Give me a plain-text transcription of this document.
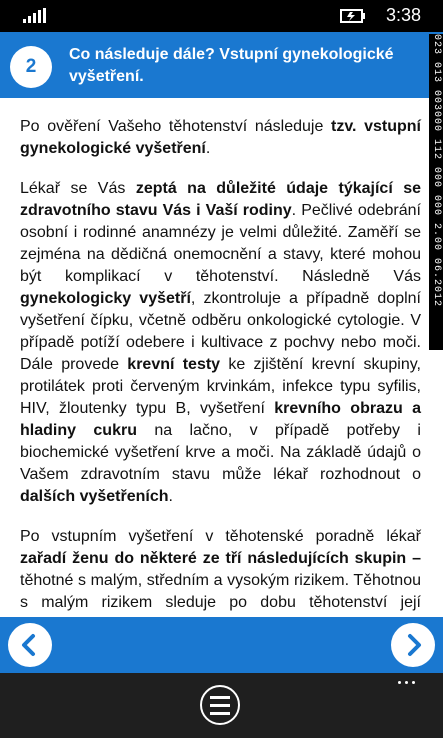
3:38
2
Co následuje dále? Vstupní gynekologické vyšetření.	023 013 003000 112 000 000 2.00 06.2012

Po ověření Vašeho těhotenství následuje tzv. vstupní gynekologické vyšetření.

Lékař se Vás zeptá na důležité údaje týkající se zdravotního stavu Vás i Vaší rodiny. Pečlivé odebrání osobní i rodinné anamnézy je velmi důležité. Zaměří se zejména na dědičná onemocnění a stavy, které mohou být komplikací v těhotenství. Následně Vás gynekologicky vyšetří, zkontroluje a případně doplní vyšetření čípku, včetně odběru onkologické cytologie. V případě potíží odebere i kultivace z pochvy nebo moči. Dále provede krevní testy ke zjištění krevní skupiny, protilátek proti červeným krvinkám, infekce typu syfilis, HIV, žloutenky typu B, vyšetření krevního obrazu a hladiny cukru na lačno, v případě potřeby i biochemické vyšetření krve a moči. Na základě údajů o Vašem zdravotním stavu může lékař rozhodnout o dalších vyšetřeních.

Po vstupním vyšetření v těhotenské poradně lékař zařadí ženu do některé ze tří následujících skupin – těhotné s malým, středním a vysokým rizikem. Těhotnou s malým rizikem sleduje po dobu těhotenství její
